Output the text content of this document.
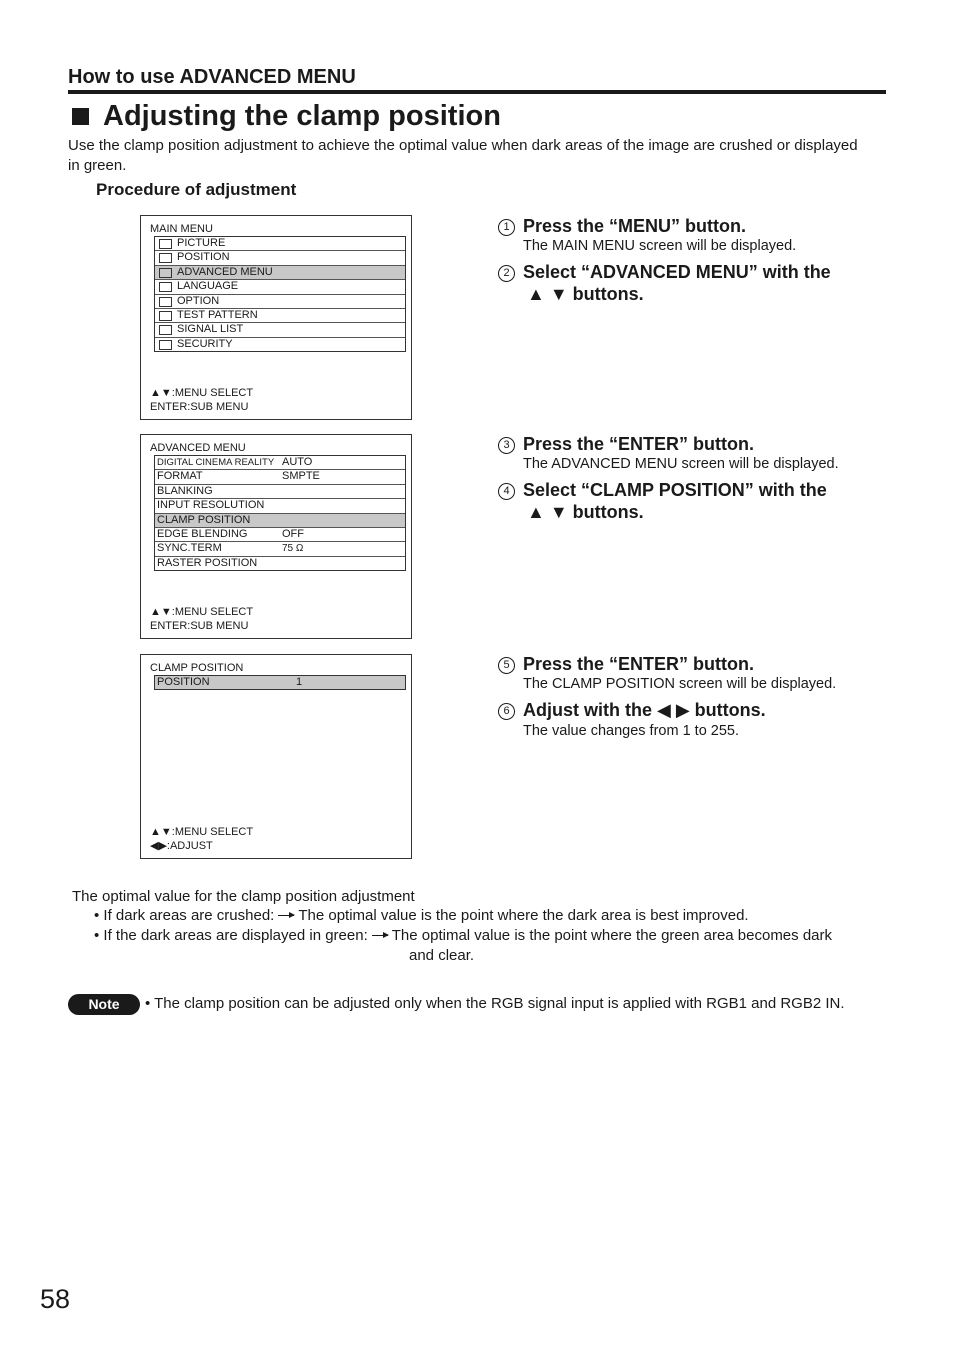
How to use ADVANCED MENU
Adjusting the clamp position
Use the clamp position adjustment to achieve the optimal value when dark areas of the image are crushed or displayed in green.
Procedure of adjustment
MAIN MENU
PICTURE
POSITION
ADVANCED MENU
LANGUAGE
OPTION
TEST PATTERN
SIGNAL LIST
SECURITY
▲▼:MENU SELECT
ENTER:SUB MENU
ADVANCED MENU
DIGITAL CINEMA REALITY AUTO
FORMAT	SMPTE
BLANKING
INPUT RESOLUTION
CLAMP POSITION
EDGE BLENDING	OFF
SYNC.TERM	75 Ω
RASTER POSITION
▲▼:MENU SELECT
ENTER:SUB MENU
CLAMP POSITION
POSITION	1
▲▼:MENU SELECT
◀▶:ADJUST
1 Press the “MENU” button.
The MAIN MENU screen will be displayed.
2 Select “ADVANCED MENU” with the
▲ ▼ buttons.
3 Press the “ENTER” button.
The ADVANCED MENU screen will be displayed.
4 Select “CLAMP POSITION” with the
▲ ▼ buttons.
5 Press the “ENTER” button.
The CLAMP POSITION screen will be displayed.
6 Adjust with the ◀ ▶ buttons.
The value changes from 1 to 255.
The optimal value for the clamp position adjustment
• If dark areas are crushed: The optimal value is the point where the dark area is best improved.
• If the dark areas are displayed in green: The optimal value is the point where the green area becomes dark
and clear.
Note	• The clamp position can be adjusted only when the RGB signal input is applied with RGB1 and RGB2 IN.
58
